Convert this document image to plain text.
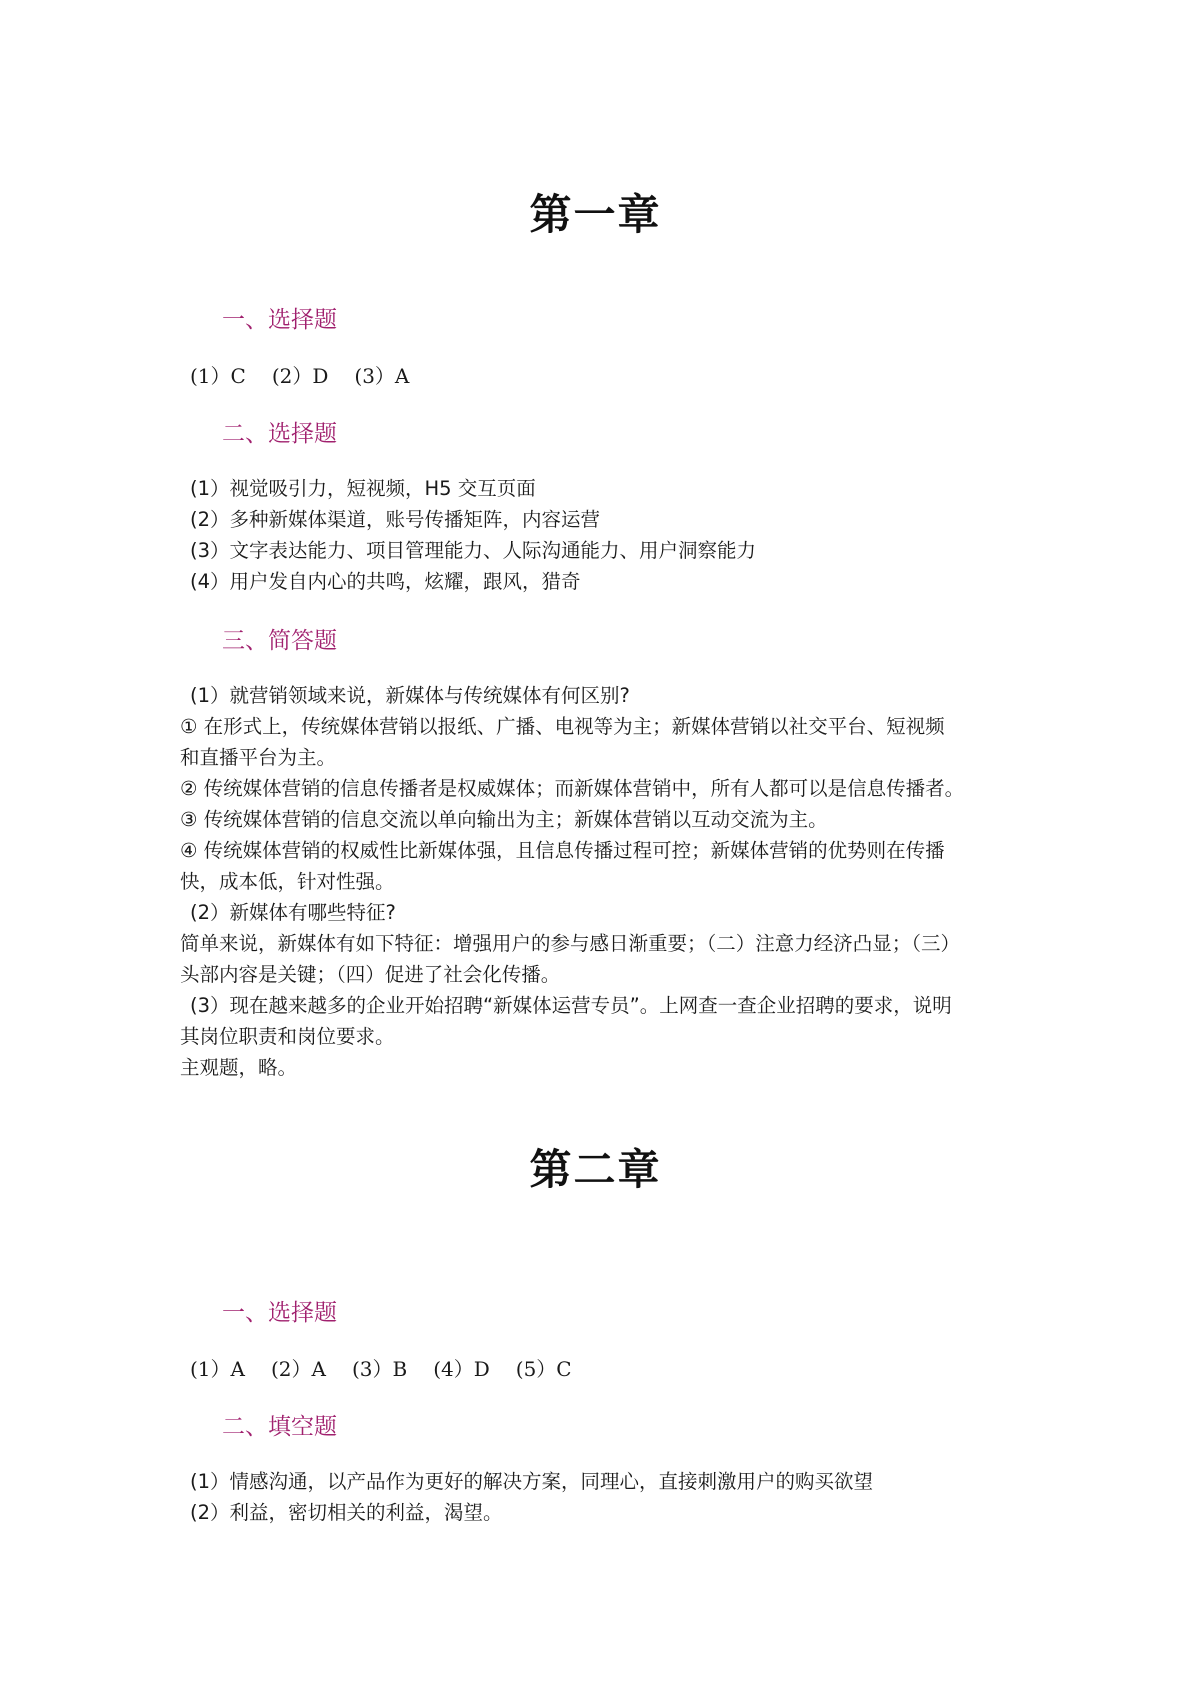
第一章
一、选择题
(1）C (2）D (3）A
二、选择题
(1）视觉吸引力，短视频，H5 交互页面
(2）多种新媒体渠道，账号传播矩阵，内容运营
(3）文字表达能力、项目管理能力、人际沟通能力、用户洞察能力
(4）用户发自内心的共鸣，炫耀，跟风，猎奇
三、简答题
(1）就营销领域来说，新媒体与传统媒体有何区别?
① 在形式上，传统媒体营销以报纸、广播、电视等为主；新媒体营销以社交平台、短视频
和直播平台为主。
② 传统媒体营销的信息传播者是权威媒体；而新媒体营销中，所有人都可以是信息传播者。
③ 传统媒体营销的信息交流以单向输出为主；新媒体营销以互动交流为主。
④ 传统媒体营销的权威性比新媒体强，且信息传播过程可控；新媒体营销的优势则在传播
快，成本低，针对性强。
(2）新媒体有哪些特征?
简单来说，新媒体有如下特征：增强用户的参与感日渐重要；（二）注意力经济凸显；（三）
头部内容是关键；（四）促进了社会化传播。
(3）现在越来越多的企业开始招聘“新媒体运营专员”。上网查一查企业招聘的要求，说明
其岗位职责和岗位要求。
主观题，略。
第二章
一、选择题
(1）A (2）A (3）B (4）D (5）C
二、填空题
(1）情感沟通，以产品作为更好的解决方案，同理心，直接刺激用户的购买欲望
(2）利益，密切相关的利益，渴望。
